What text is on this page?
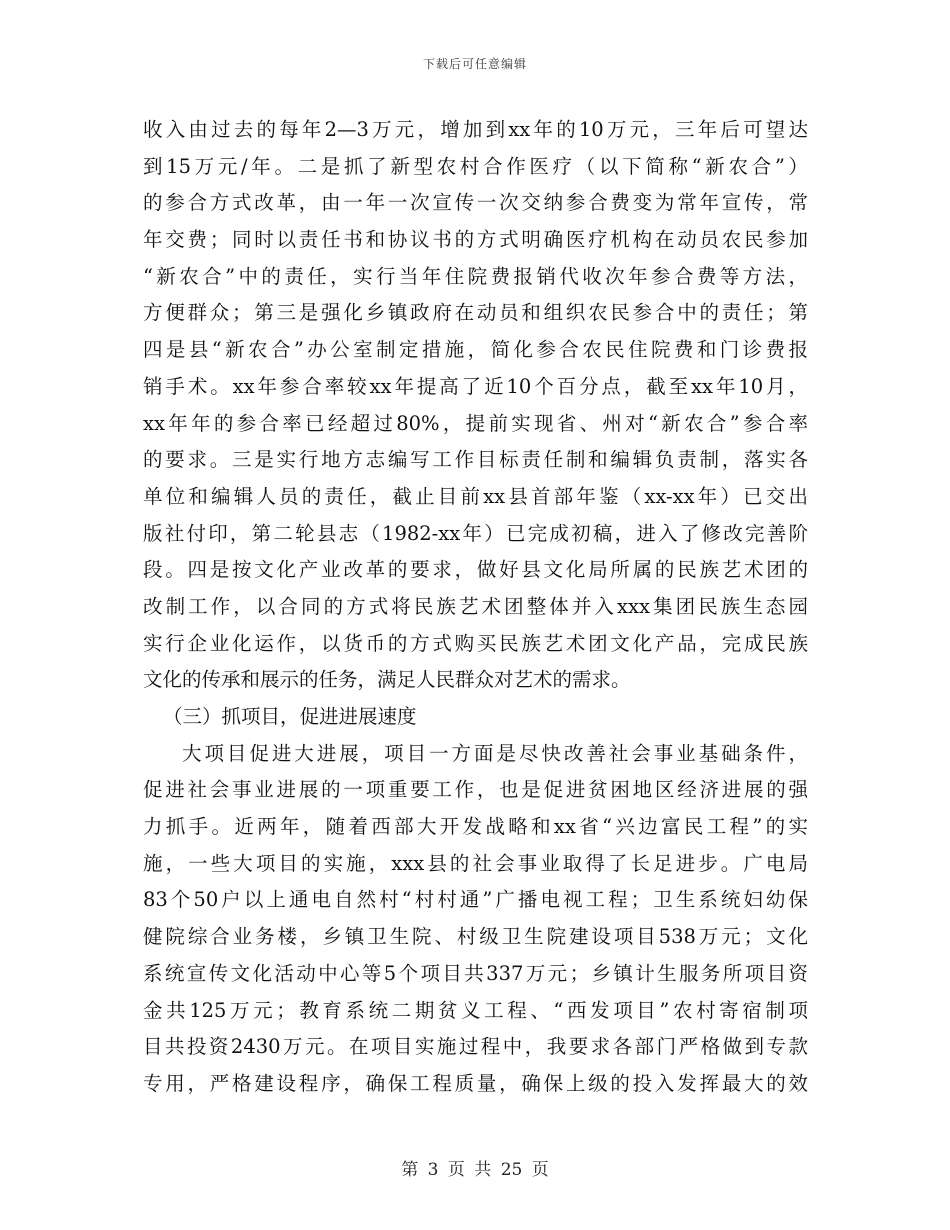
下载后可任意编辑
收入由过去的每年2—3万元，增加到xx年的10万元，三年后可望达
到15万元/年。二是抓了新型农村合作医疗（以下简称“新农合”）
的参合方式改革，由一年一次宣传一次交纳参合费变为常年宣传，常
年交费；同时以责任书和协议书的方式明确医疗机构在动员农民参加
“新农合”中的责任，实行当年住院费报销代收次年参合费等方法，
方便群众；第三是强化乡镇政府在动员和组织农民参合中的责任；第
四是县“新农合”办公室制定措施，简化参合农民住院费和门诊费报
销手术。xx年参合率较xx年提高了近10个百分点，截至xx年10月，
xx年年的参合率已经超过80%，提前实现省、州对“新农合”参合率
的要求。三是实行地方志编写工作目标责任制和编辑负责制，落实各
单位和编辑人员的责任，截止目前xx县首部年鉴（xx-xx年）已交出
版社付印，第二轮县志（1982-xx年）已完成初稿，进入了修改完善阶
段。四是按文化产业改革的要求，做好县文化局所属的民族艺术团的
改制工作，以合同的方式将民族艺术团整体并入xxx集团民族生态园
实行企业化运作，以货币的方式购买民族艺术团文化产品，完成民族
文化的传承和展示的任务，满足人民群众对艺术的需求。
（三）抓项目，促进进展速度
大项目促进大进展，项目一方面是尽快改善社会事业基础条件，
促进社会事业进展的一项重要工作，也是促进贫困地区经济进展的强
力抓手。近两年，随着西部大开发战略和xx省“兴边富民工程”的实
施，一些大项目的实施，xxx县的社会事业取得了长足进步。广电局
83个50户以上通电自然村“村村通”广播电视工程；卫生系统妇幼保
健院综合业务楼，乡镇卫生院、村级卫生院建设项目538万元；文化
系统宣传文化活动中心等5个项目共337万元；乡镇计生服务所项目资
金共125万元；教育系统二期贫义工程、“西发项目”农村寄宿制项
目共投资2430万元。在项目实施过程中，我要求各部门严格做到专款
专用，严格建设程序，确保工程质量，确保上级的投入发挥最大的效
第 3 页 共 25 页
